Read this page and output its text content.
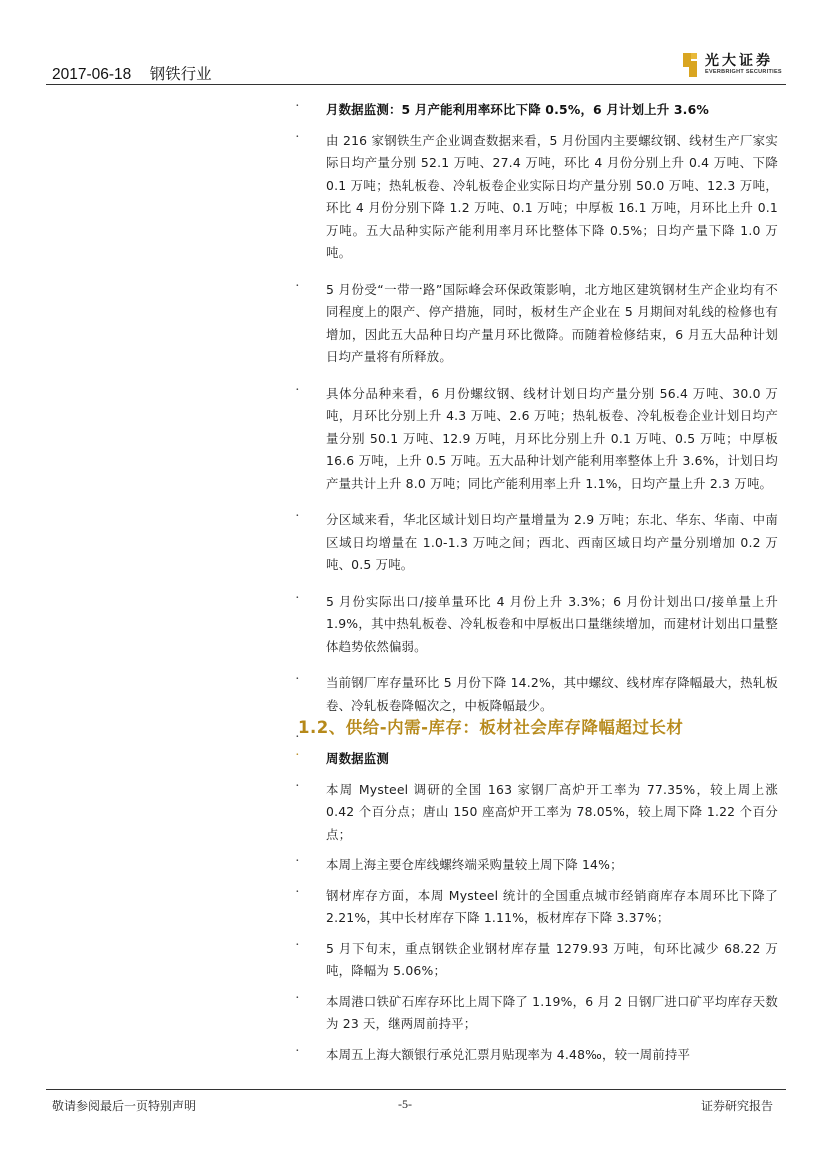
2017-06-18 钢铁行业
光大证券
EVERBRIGHT SECURITIES
· 月数据监测：5 月产能利用率环比下降 0.5%，6 月计划上升 3.6%
· 由 216 家钢铁生产企业调查数据来看，5 月份国内主要螺纹钢、线材生产厂家实际日均产量分别 52.1 万吨、27.4 万吨，环比 4 月份分别上升 0.4 万吨、下降 0.1 万吨；热轧板卷、冷轧板卷企业实际日均产量分别 50.0 万吨、12.3 万吨，环比 4 月份分别下降 1.2 万吨、0.1 万吨；中厚板 16.1 万吨，月环比上升 0.1 万吨。五大品种实际产能利用率月环比整体下降 0.5%；日均产量下降 1.0 万吨。
· 5 月份受“一带一路”国际峰会环保政策影响，北方地区建筑钢材生产企业均有不同程度上的限产、停产措施，同时，板材生产企业在 5 月期间对轧线的检修也有增加，因此五大品种日均产量月环比微降。而随着检修结束，6 月五大品种计划日均产量将有所释放。
· 具体分品种来看，6 月份螺纹钢、线材计划日均产量分别 56.4 万吨、30.0 万吨，月环比分别上升 4.3 万吨、2.6 万吨；热轧板卷、冷轧板卷企业计划日均产量分别 50.1 万吨、12.9 万吨，月环比分别上升 0.1 万吨、0.5 万吨；中厚板 16.6 万吨，上升 0.5 万吨。五大品种计划产能利用率整体上升 3.6%，计划日均产量共计上升 8.0 万吨；同比产能利用率上升 1.1%，日均产量上升 2.3 万吨。
· 分区域来看，华北区域计划日均产量增量为 2.9 万吨；东北、华东、华南、中南区域日均增量在 1.0-1.3 万吨之间；西北、西南区域日均产量分别增加 0.2 万吨、0.5 万吨。
· 5 月份实际出口/接单量环比 4 月份上升 3.3%；6 月份计划出口/接单量上升 1.9%，其中热轧板卷、冷轧板卷和中厚板出口量继续增加，而建材计划出口量整体趋势依然偏弱。
· 当前钢厂库存量环比 5 月份下降 14.2%，其中螺纹、线材库存降幅最大，热轧板卷、冷轧板卷降幅次之，中板降幅最少。
·

1.2、供给-内需-库存：板材社会库存降幅超过长材
· 周数据监测
· 本周 Mysteel 调研的全国 163 家钢厂高炉开工率为 77.35%，较上周上涨 0.42 个百分点；唐山 150 座高炉开工率为 78.05%，较上周下降 1.22 个百分点；
· 本周上海主要仓库线螺终端采购量较上周下降 14%；
· 钢材库存方面，本周 Mysteel 统计的全国重点城市经销商库存本周环比下降了 2.21%，其中长材库存下降 1.11%，板材库存下降 3.37%；
· 5 月下旬末，重点钢铁企业钢材库存量 1279.93 万吨，旬环比减少 68.22 万吨，降幅为 5.06%；
· 本周港口铁矿石库存环比上周下降了 1.19%，6 月 2 日钢厂进口矿平均库存天数为 23 天，继两周前持平；
· 本周五上海大额银行承兑汇票月贴现率为 4.48‰，较一周前持平
敬请参阅最后一页特别声明	-5-	证券研究报告
